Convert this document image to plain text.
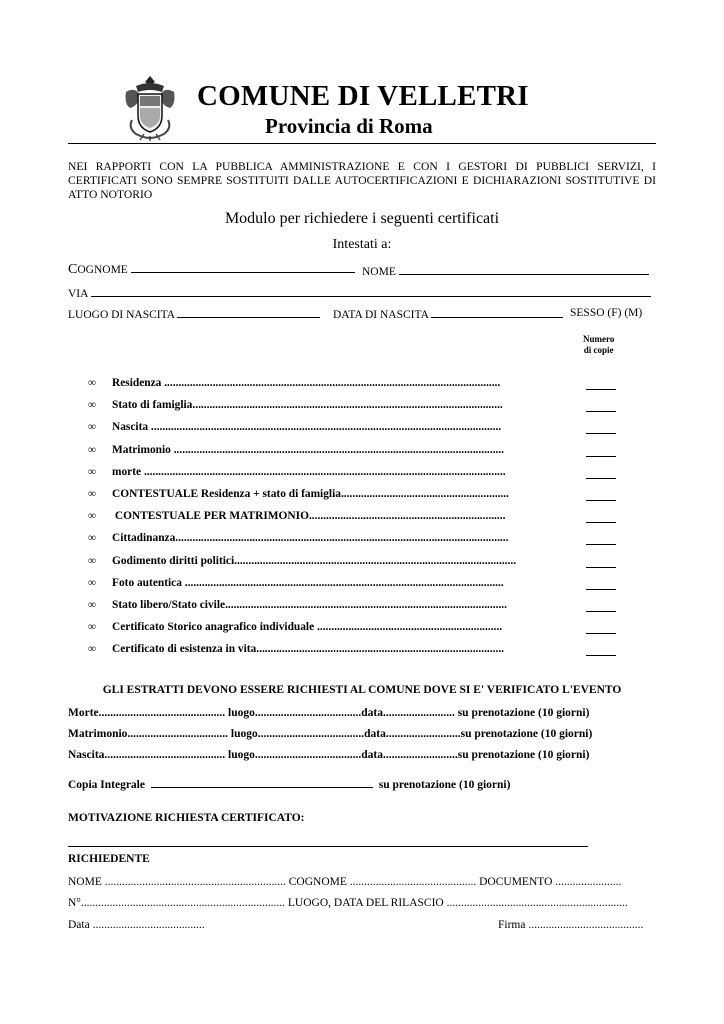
COMUNE DI VELLETRI
Provincia di Roma
NEI RAPPORTI CON LA PUBBLICA AMMINISTRAZIONE E CON I GESTORI DI PUBBLICI SERVIZI, I CERTIFICATI SONO SEMPRE SOSTITUITI DALLE AUTOCERTIFICAZIONI E DICHIARAZIONI SOSTITUTIVE DI ATTO NOTORIO
Modulo per richiedere i seguenti certificati
Intestati a:
COGNOME	NOME
VIA
LUOGO DI NASCITA	DATA DI NASCITA	SESSO (F) (M)
Numero
di copie
∞ Residenza ......................................................................................................................
∞ Stato di famiglia.............................................................................................................
∞ Nascita ...........................................................................................................................
∞ Matrimonio ....................................................................................................................
∞ morte ...............................................................................................................................
∞ CONTESTUALE Residenza + stato di famiglia...........................................................
∞ CONTESTUALE PER MATRIMONIO.....................................................................
∞ Cittadinanza.....................................................................................................................
∞ Godimento diritti politici...................................................................................................
∞ Foto autentica ................................................................................................................
∞ Stato libero/Stato civile...................................................................................................
∞ Certificato Storico anagrafico individuale .................................................................
∞ Certificato di esistenza in vita.......................................................................................
GLI ESTRATTI DEVONO ESSERE RICHIESTI AL COMUNE DOVE SI E' VERIFICATO L'EVENTO
Morte............................................ luogo.....................................data......................... su prenotazione (10 giorni)
Matrimonio................................... luogo.....................................data..........................su prenotazione (10 giorni)
Nascita.......................................... luogo.....................................data..........................su prenotazione (10 giorni)
Copia Integrale	su prenotazione (10 giorni)
MOTIVAZIONE RICHIESTA CERTIFICATO:
RICHIEDENTE
NOME ............................................................... COGNOME ............................................ DOCUMENTO .......................
N°....................................................................... LUOGO, DATA DEL RILASCIO ...............................................................
Data .......................................	Firma ........................................
